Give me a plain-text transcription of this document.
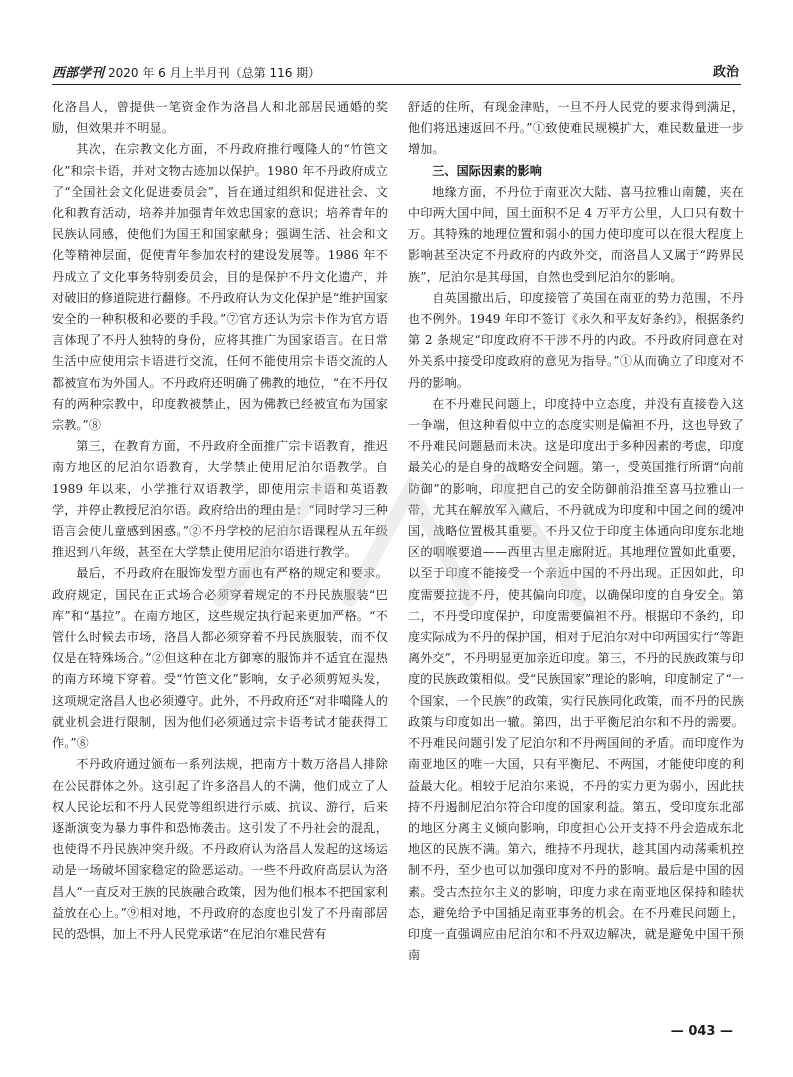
西部学刊 2020 年 6 月上半月刊（总第 116 期）	政治

化洛昌人，曾提供一笔资金作为洛昌人和北部居民通婚的奖励，但效果并不明显。

其次，在宗教文化方面，不丹政府推行嘎隆人的“竹笆文化”和宗卡语，并对文物古迹加以保护。1980 年不丹政府成立了“全国社会文化促进委员会”，旨在通过组织和促进社会、文化和教育活动，培养并加强青年效忠国家的意识；培养青年的民族认同感，使他们为国王和国家献身；强调生活、社会和文化等精神层面，促使青年参加农村的建设发展等。1986 年不丹成立了文化事务特别委员会，目的是保护不丹文化遗产，并对破旧的修道院进行翻修。不丹政府认为文化保护是“维护国家安全的一种积极和必要的手段。”⑦官方还认为宗卡作为官方语言体现了不丹人独特的身份，应将其推广为国家语言。在日常生活中应使用宗卡语进行交流，任何不能使用宗卡语交流的人都被宣布为外国人。不丹政府还明确了佛教的地位，“在不丹仅有的两种宗教中，印度教被禁止，因为佛教已经被宣布为国家宗教。”⑧

第三，在教育方面，不丹政府全面推广宗卡语教育，推迟南方地区的尼泊尔语教育，大学禁止使用尼泊尔语教学。自 1989 年以来，小学推行双语教学，即使用宗卡语和英语教学，并停止教授尼泊尔语。政府给出的理由是：“同时学习三种语言会使儿童感到困惑。”②不丹学校的尼泊尔语课程从五年级推迟到八年级，甚至在大学禁止使用尼泊尔语进行教学。

最后，不丹政府在服饰发型方面也有严格的规定和要求。政府规定，国民在正式场合必须穿着规定的不丹民族服装“巴库”和“基拉”。在南方地区，这些规定执行起来更加严格。“不管什么时候去市场，洛昌人都必须穿着不丹民族服装，而不仅仅是在特殊场合。”②但这种在北方御寒的服饰并不适宜在湿热的南方环境下穿着。受“竹笆文化”影响，女子必须剪短头发，这项规定洛昌人也必须遵守。此外，不丹政府还“对非噶隆人的就业机会进行限制，因为他们必须通过宗卡语考试才能获得工作。”⑧

不丹政府通过颁布一系列法规，把南方十数万洛昌人排除在公民群体之外。这引起了许多洛昌人的不满，他们成立了人权人民论坛和不丹人民党等组织进行示威、抗议、游行，后来逐渐演变为暴力事件和恐怖袭击。这引发了不丹社会的混乱，也使得不丹民族冲突升级。不丹政府认为洛昌人发起的这场运动是一场破坏国家稳定的险恶运动。一些不丹政府高层认为洛昌人“一直反对王族的民族融合政策，因为他们根本不把国家利益放在心上。”⑨相对地，不丹政府的态度也引发了不丹南部居民的恐惧，加上不丹人民党承诺“在尼泊尔难民营有

舒适的住所，有现金津贴，一旦不丹人民党的要求得到满足，他们将迅速返回不丹。”①致使难民规模扩大，难民数量进一步增加。

三、国际因素的影响

地缘方面，不丹位于南亚次大陆、喜马拉雅山南麓，夹在中印两大国中间，国土面积不足 4 万平方公里，人口只有数十万。其特殊的地理位置和弱小的国力使印度可以在很大程度上影响甚至决定不丹政府的内政外交，而洛昌人又属于“跨界民族”，尼泊尔是其母国，自然也受到尼泊尔的影响。

自英国撤出后，印度接管了英国在南亚的势力范围，不丹也不例外。1949 年印不签订《永久和平友好条约》，根据条约第 2 条规定“印度政府不干涉不丹的内政。不丹政府同意在对外关系中接受印度政府的意见为指导。”①从而确立了印度对不丹的影响。

在不丹难民问题上，印度持中立态度，并没有直接卷入这一争端，但这种看似中立的态度实则是偏袒不丹，这也导致了不丹难民问题悬而未决。这是印度出于多种因素的考虑，印度最关心的是自身的战略安全问题。第一，受英国推行所谓“向前防御”的影响，印度把自己的安全防御前沿推至喜马拉雅山一带，尤其在解放军入藏后，不丹就成为印度和中国之间的缓冲国，战略位置极其重要。不丹又位于印度主体通向印度东北地区的咽喉要道——西里古里走廊附近。其地理位置如此重要，以至于印度不能接受一个亲近中国的不丹出现。正因如此，印度需要拉拢不丹，使其偏向印度，以确保印度的自身安全。第二，不丹受印度保护，印度需要偏袒不丹。根据印不条约，印度实际成为不丹的保护国，相对于尼泊尔对中印两国实行“等距离外交”，不丹明显更加亲近印度。第三，不丹的民族政策与印度的民族政策相似。受“民族国家”理论的影响，印度制定了“一个国家，一个民族”的政策，实行民族同化政策，而不丹的民族政策与印度如出一辙。第四，出于平衡尼泊尔和不丹的需要。不丹难民问题引发了尼泊尔和不丹两国间的矛盾。而印度作为南亚地区的唯一大国，只有平衡尼、不两国，才能使印度的利益最大化。相较于尼泊尔来说，不丹的实力更为弱小，因此扶持不丹遏制尼泊尔符合印度的国家利益。第五，受印度东北部的地区分离主义倾向影响，印度担心公开支持不丹会造成东北地区的民族不满。第六，维持不丹现状，趁其国内动荡乘机控制不丹，至少也可以加强印度对不丹的影响。最后是中国的因素。受古杰拉尔主义的影响，印度力求在南亚地区保持和睦状态，避免给予中国插足南亚事务的机会。在不丹难民问题上，印度一直强调应由尼泊尔和不丹双边解决，就是避免中国干预南

— 043 —
